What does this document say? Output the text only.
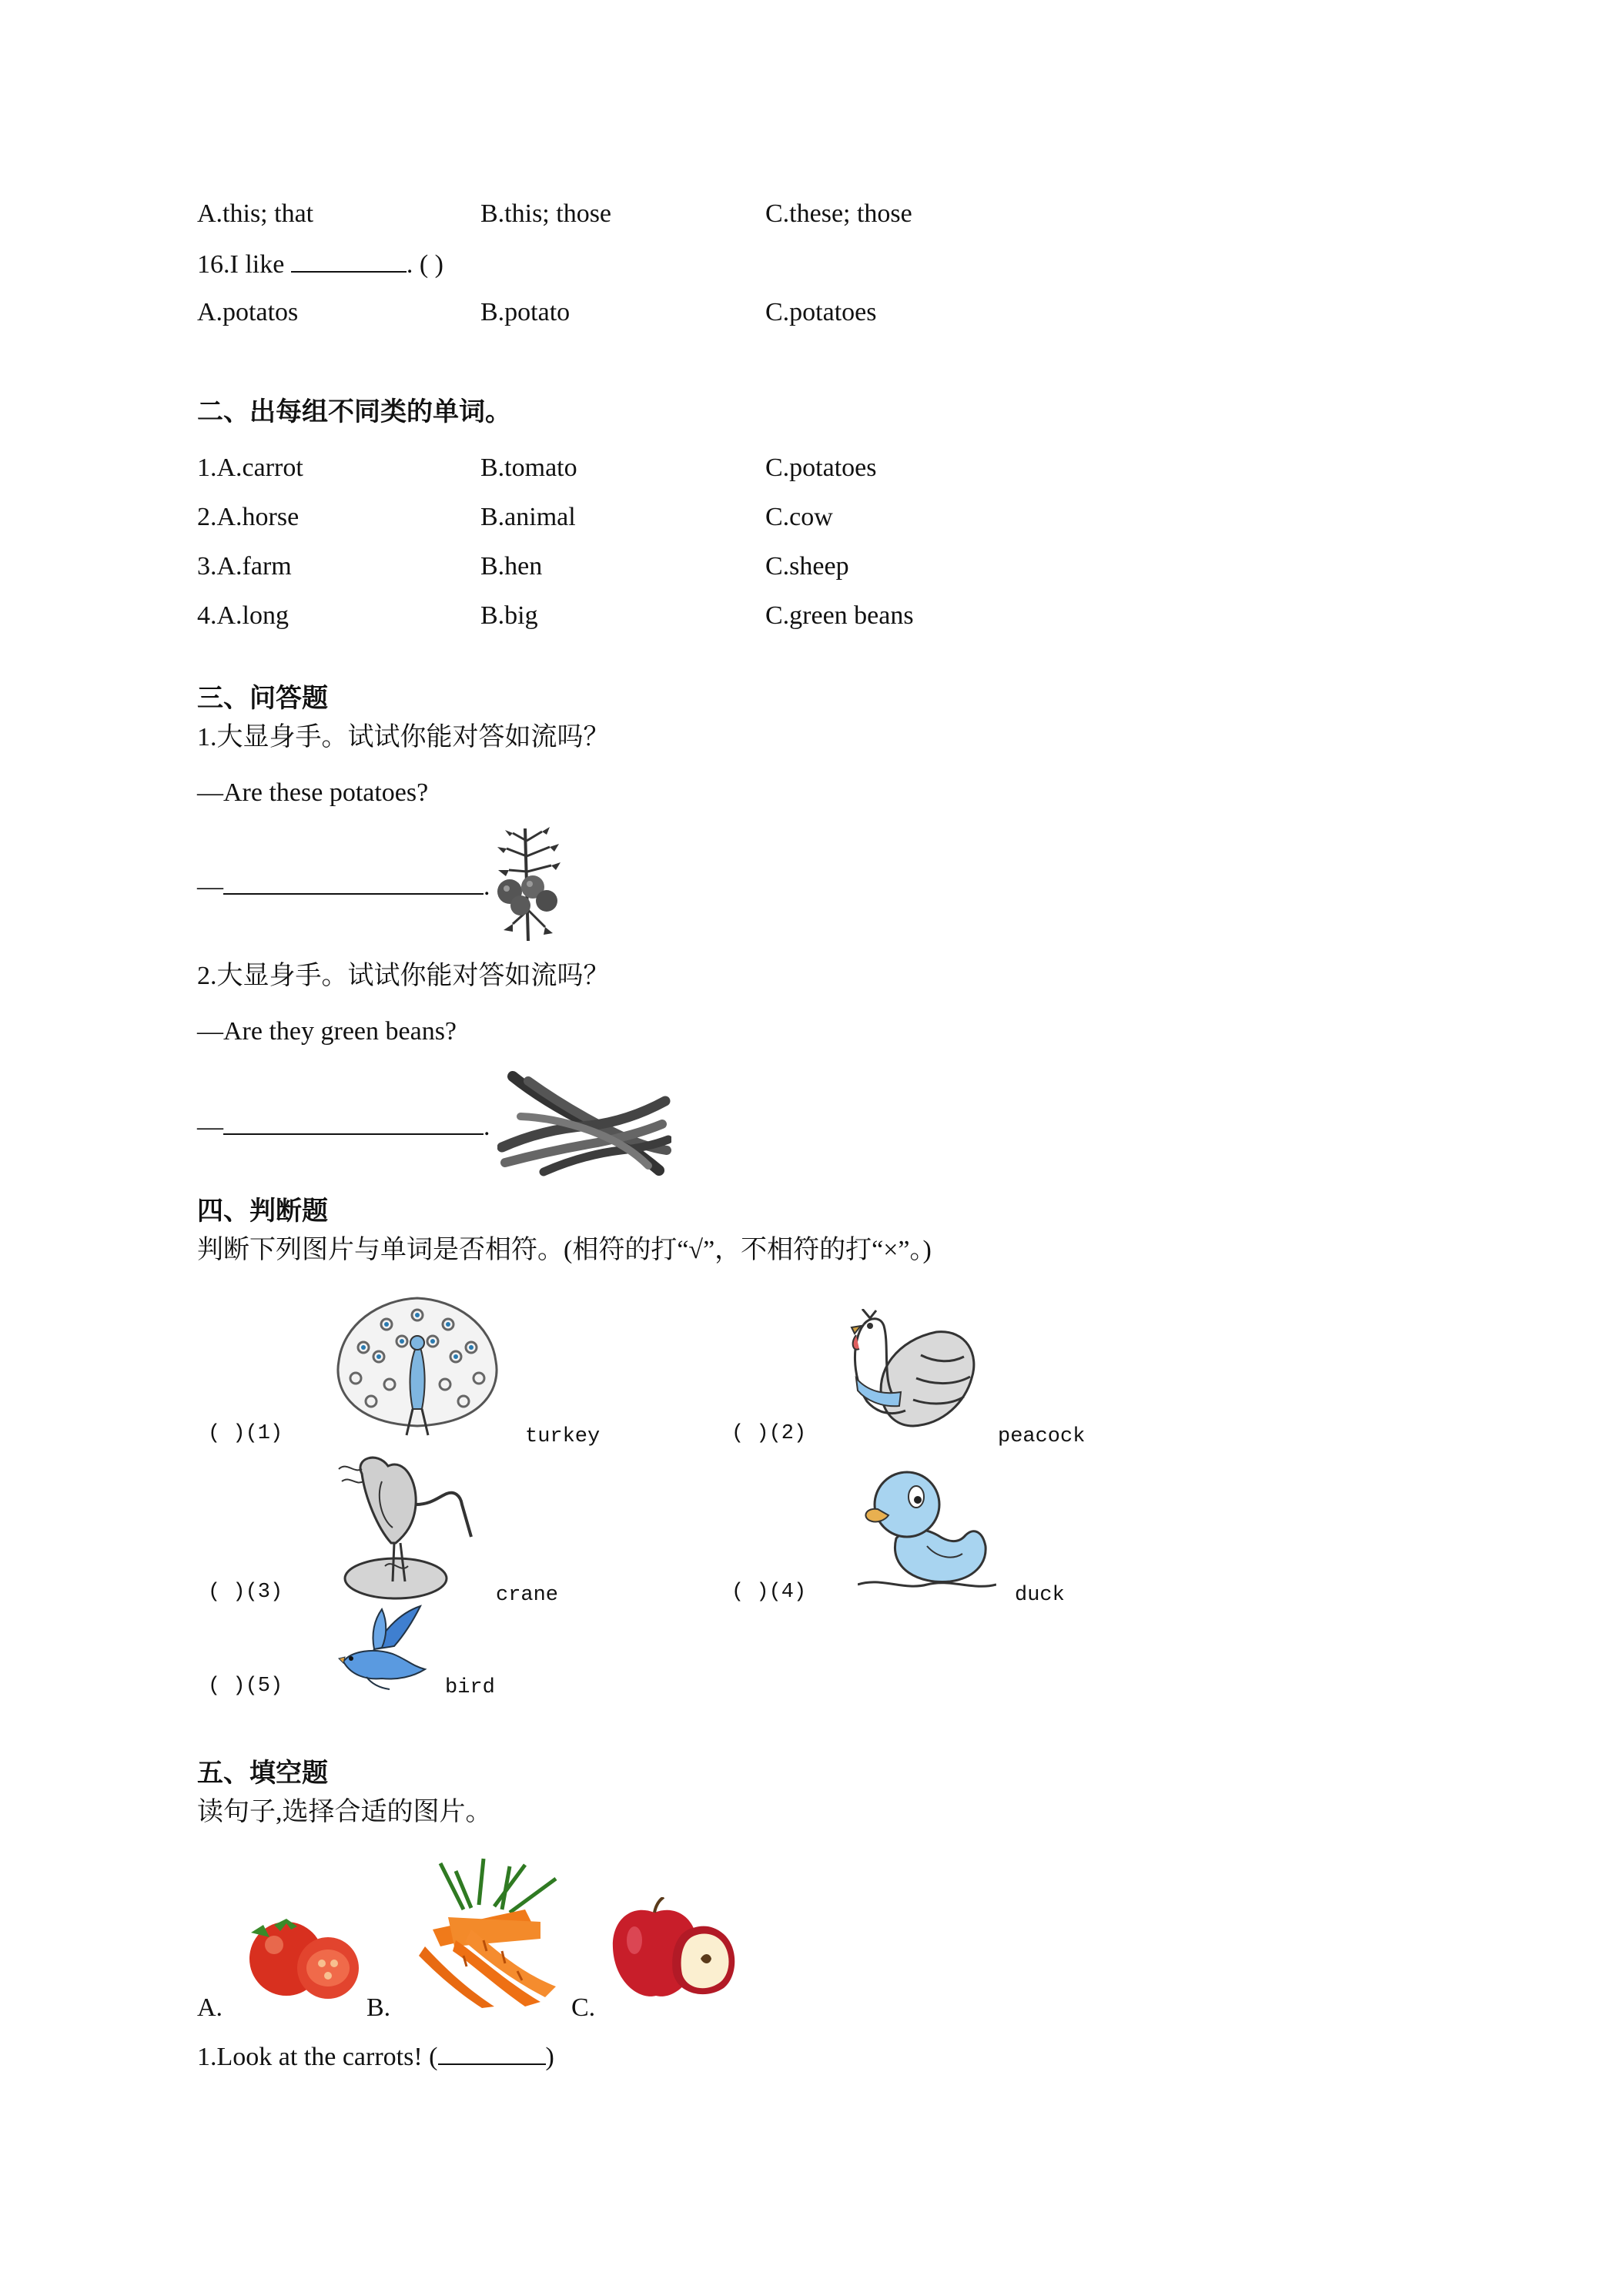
A.this; that	B.this; those	C.these; those
16.I like	. ( )
A.potatos	B.potato	C.potatoes
二、出每组不同类的单词。
1.A.carrot	B.tomato	C.potatoes
2.A.horse	B.animal	C.cow
3.A.farm	B.hen	C.sheep
4.A.long	B.big	C.green beans
三、问答题
1.大显身手。试试你能对答如流吗？
—Are these potatoes?
—	.
2.大显身手。试试你能对答如流吗？
—Are they green beans?
—	.
四、判断题
判断下列图片与单词是否相符。(相符的打“√”，不相符的打“×”。)
( )(1)	turkey	( )(2)	peacock
( )(3)	crane	( )(4)	duck
( )(5)	bird
五、填空题
读句子,选择合适的图片。
A.	B.	C.
1.Look at the carrots! (	)
